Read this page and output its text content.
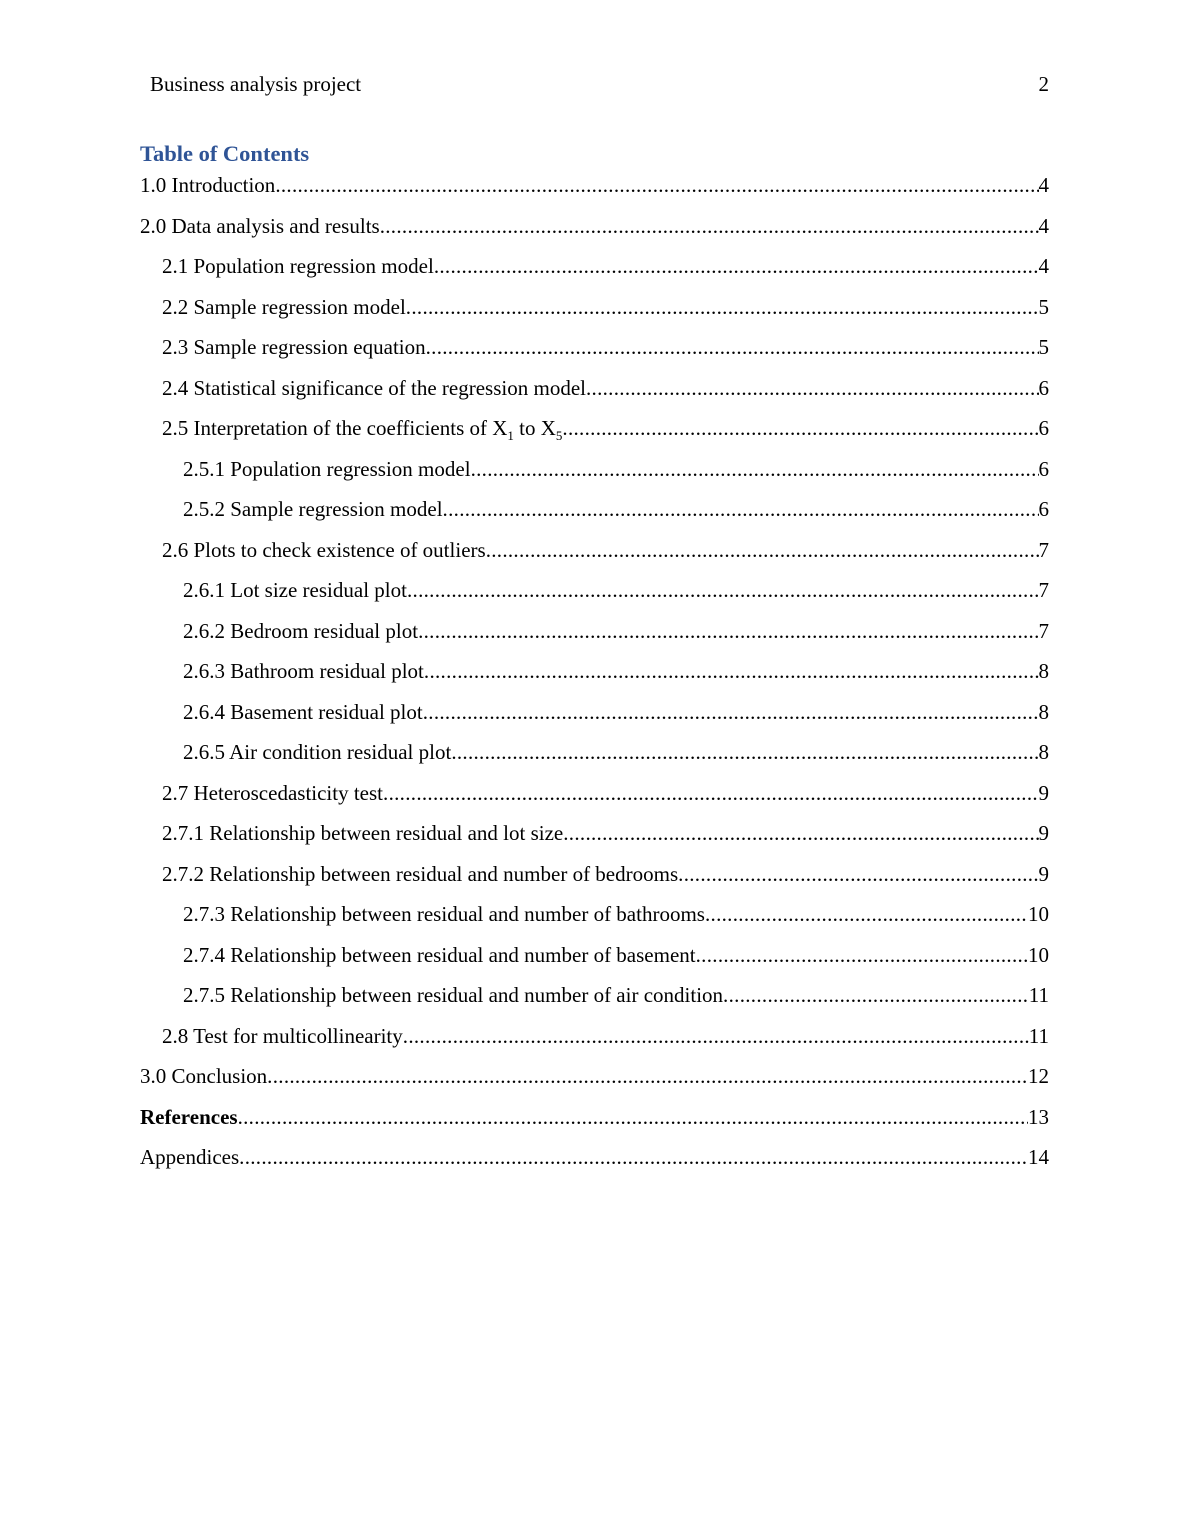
Business analysis project	2
Table of Contents
1.0 Introduction .....	4
2.0 Data analysis and results .....	4
2.1 Population regression model .....	4
2.2 Sample regression model .....	5
2.3 Sample regression equation .....	5
2.4 Statistical significance of the regression model .....	6
2.5 Interpretation of the coefficients of $X_1$ to $X_5$ .....	6
2.5.1 Population regression model .....	6
2.5.2 Sample regression model .....	6
2.6 Plots to check existence of outliers .....	7
2.6.1 Lot size residual plot .....	7
2.6.2 Bedroom residual plot .....	7
2.6.3 Bathroom residual plot .....	8
2.6.4 Basement residual plot .....	8
2.6.5 Air condition residual plot .....	8
2.7 Heteroscedasticity test .....	9
2.7.1 Relationship between residual and lot size .....	9
2.7.2 Relationship between residual and number of bedrooms .....	9
2.7.3 Relationship between residual and number of bathrooms .....	10
2.7.4 Relationship between residual and number of basement .....	10
2.7.5 Relationship between residual and number of air condition .....	11
2.8 Test for multicollinearity .....	11
3.0 Conclusion .....	12
References .....	13
Appendices .....	14
